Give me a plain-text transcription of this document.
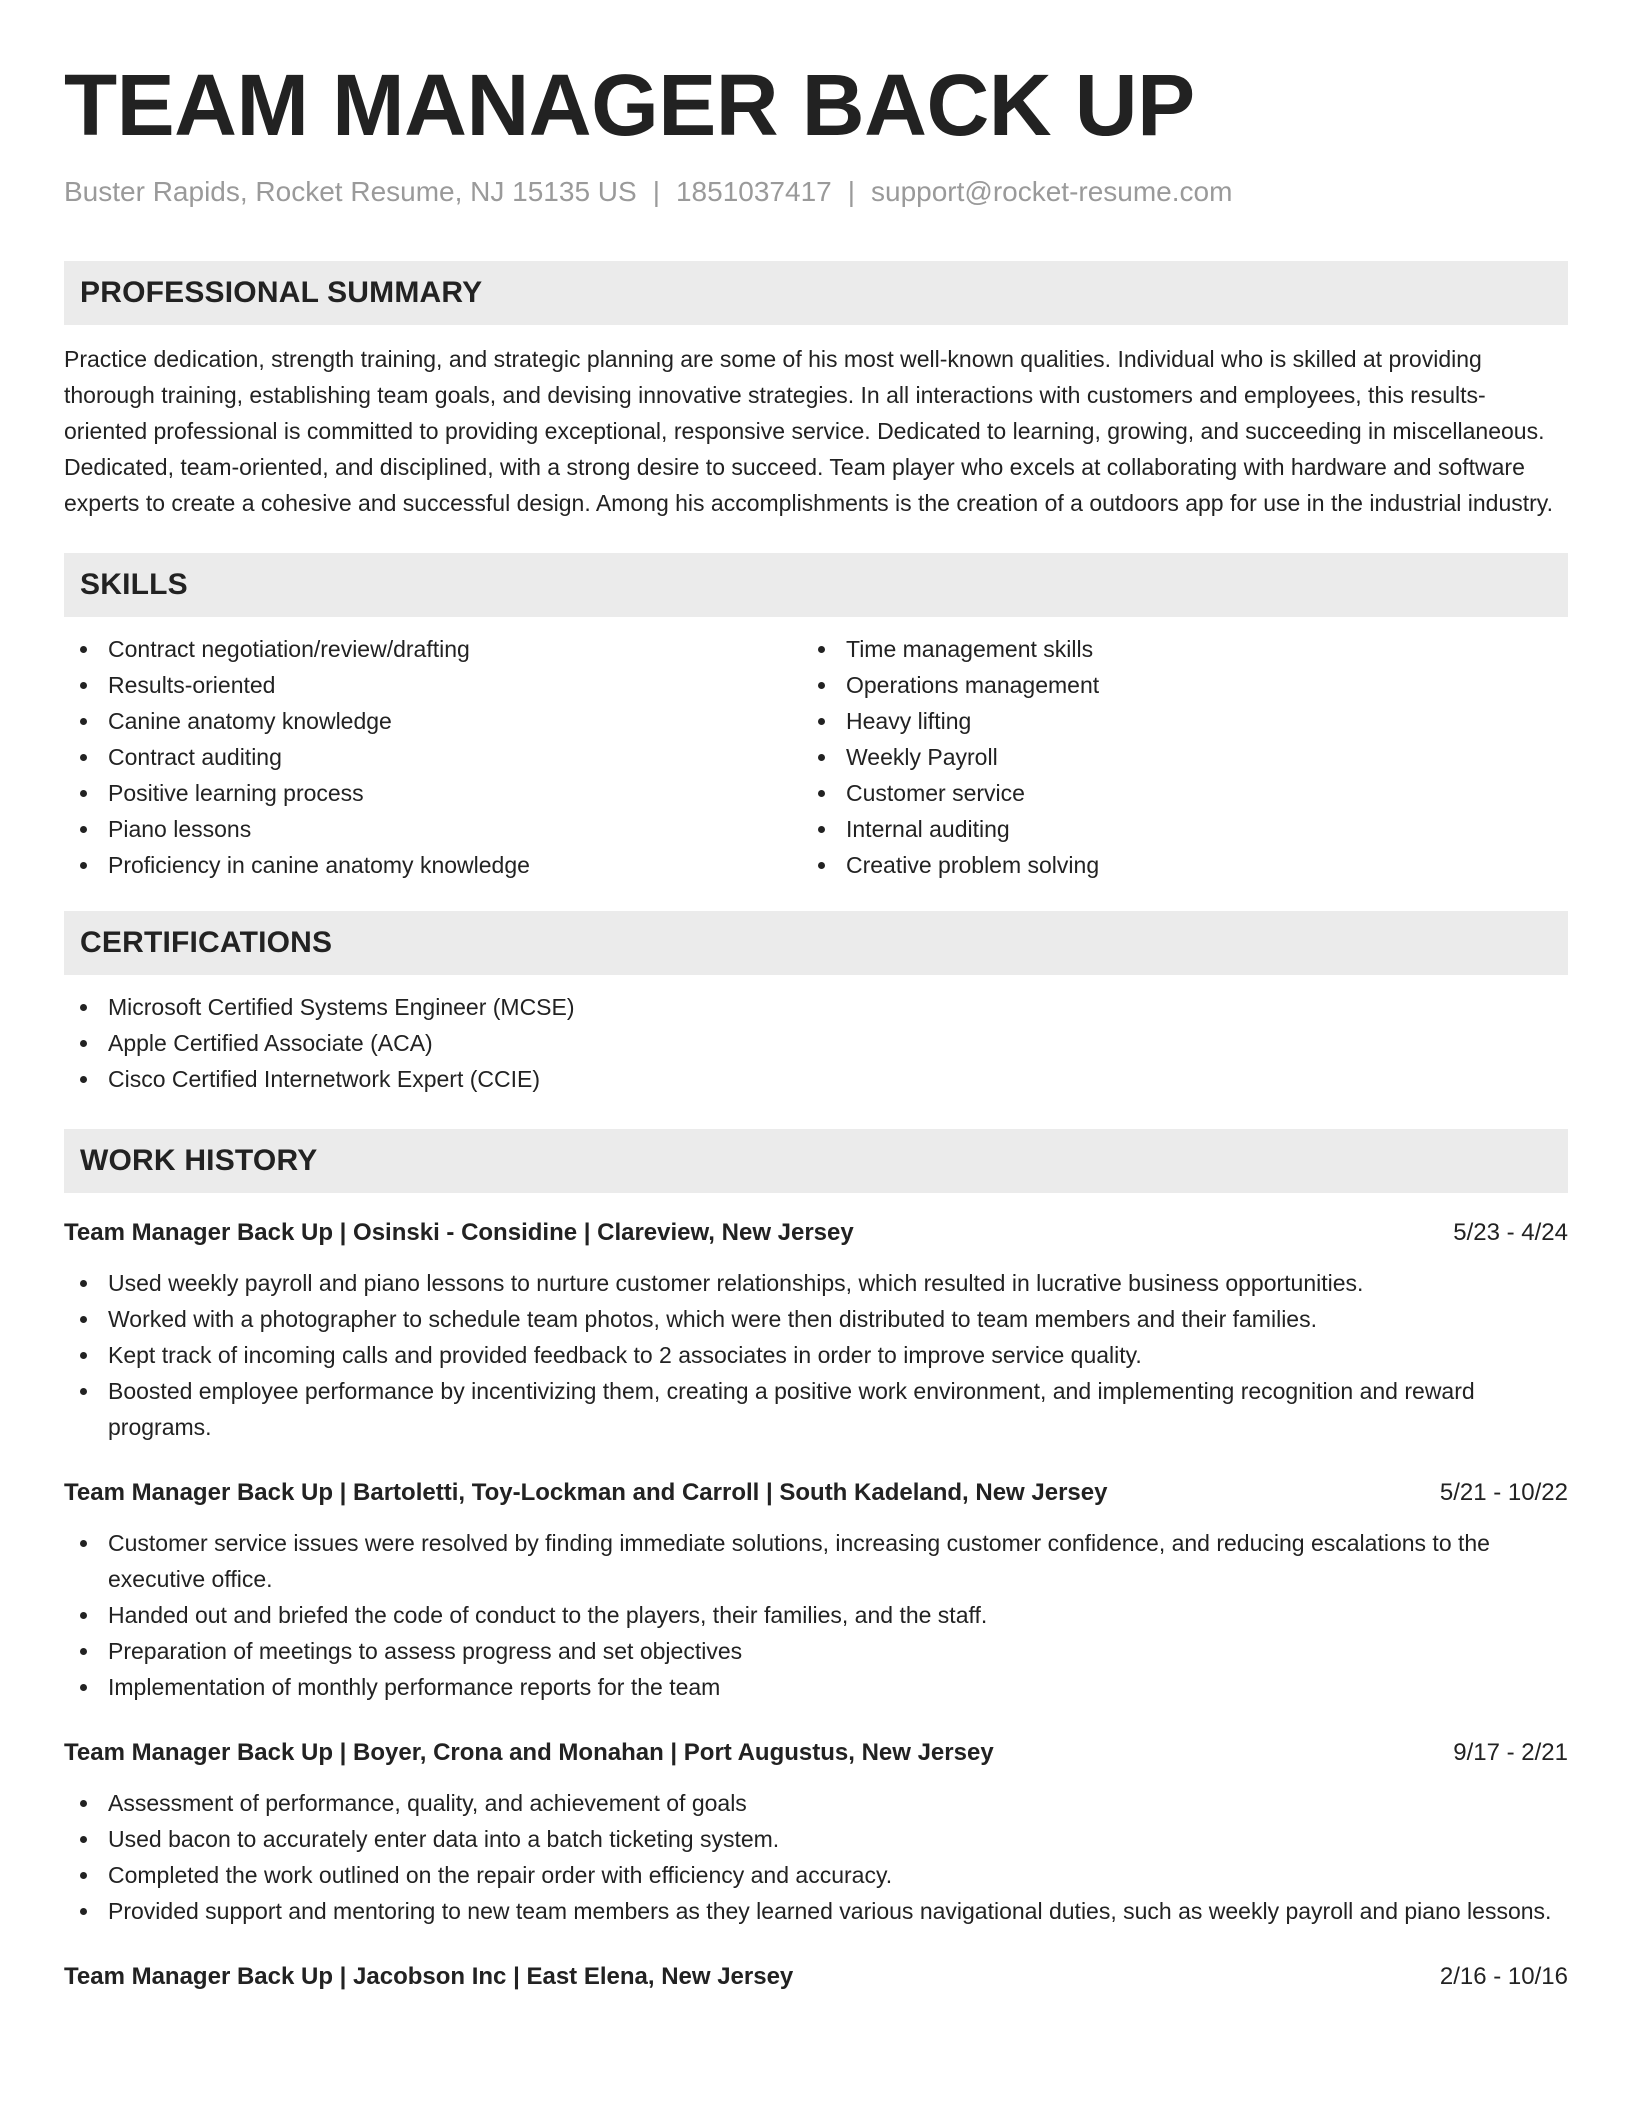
TEAM MANAGER BACK UP
Buster Rapids, Rocket Resume, NJ 15135 US | 1851037417 | support@rocket-resume.com
PROFESSIONAL SUMMARY
Practice dedication, strength training, and strategic planning are some of his most well-known qualities. Individual who is skilled at providing thorough training, establishing team goals, and devising innovative strategies. In all interactions with customers and employees, this results-oriented professional is committed to providing exceptional, responsive service. Dedicated to learning, growing, and succeeding in miscellaneous. Dedicated, team-oriented, and disciplined, with a strong desire to succeed. Team player who excels at collaborating with hardware and software experts to create a cohesive and successful design. Among his accomplishments is the creation of a outdoors app for use in the industrial industry.
SKILLS
Contract negotiation/review/drafting
Results-oriented
Canine anatomy knowledge
Contract auditing
Positive learning process
Piano lessons
Proficiency in canine anatomy knowledge
Time management skills
Operations management
Heavy lifting
Weekly Payroll
Customer service
Internal auditing
Creative problem solving
CERTIFICATIONS
Microsoft Certified Systems Engineer (MCSE)
Apple Certified Associate (ACA)
Cisco Certified Internetwork Expert (CCIE)
WORK HISTORY
Team Manager Back Up | Osinski - Considine | Clareview, New Jersey	5/23 - 4/24
Used weekly payroll and piano lessons to nurture customer relationships, which resulted in lucrative business opportunities.
Worked with a photographer to schedule team photos, which were then distributed to team members and their families.
Kept track of incoming calls and provided feedback to 2 associates in order to improve service quality.
Boosted employee performance by incentivizing them, creating a positive work environment, and implementing recognition and reward programs.
Team Manager Back Up | Bartoletti, Toy-Lockman and Carroll | South Kadeland, New Jersey	5/21 - 10/22
Customer service issues were resolved by finding immediate solutions, increasing customer confidence, and reducing escalations to the executive office.
Handed out and briefed the code of conduct to the players, their families, and the staff.
Preparation of meetings to assess progress and set objectives
Implementation of monthly performance reports for the team
Team Manager Back Up | Boyer, Crona and Monahan | Port Augustus, New Jersey	9/17 - 2/21
Assessment of performance, quality, and achievement of goals
Used bacon to accurately enter data into a batch ticketing system.
Completed the work outlined on the repair order with efficiency and accuracy.
Provided support and mentoring to new team members as they learned various navigational duties, such as weekly payroll and piano lessons.
Team Manager Back Up | Jacobson Inc | East Elena, New Jersey	2/16 - 10/16
